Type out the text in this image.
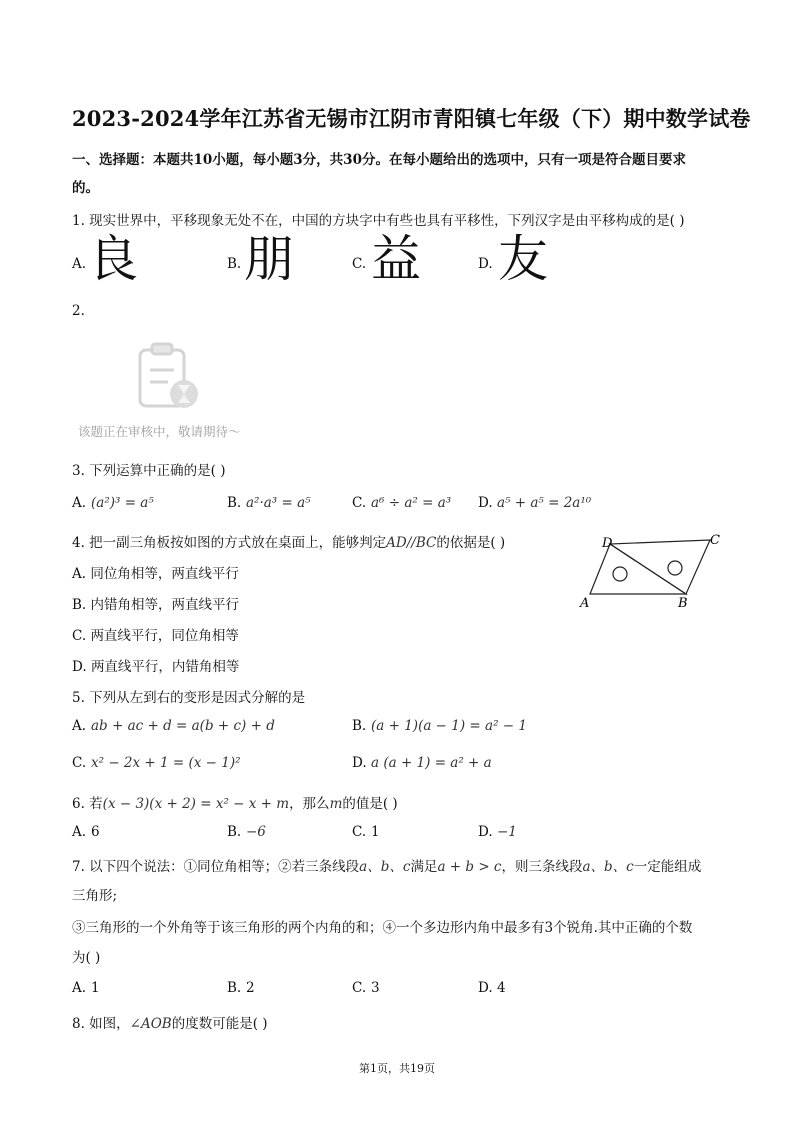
2023-2024学年江苏省无锡市江阴市青阳镇七年级（下）期中数学试卷
一、选择题：本题共10小题，每小题3分，共30分。在每小题给出的选项中，只有一项是符合题目要求
的。
1. 现实世界中，平移现象无处不在，中国的方块字中有些也具有平移性，下列汉字是由平移构成的是( )
A. 良	B. 朋	C. 益	D. 友
2.
该题正在审核中，敬请期待～
3. 下列运算中正确的是( )
A. (a²)³ = a⁵	B. a²·a³ = a⁵	C. a⁶ ÷ a² = a³ D. a⁵ + a⁵ = 2a¹⁰
4. 把一副三角板按如图的方式放在桌面上，能够判定AD//BC的依据是( )
A. 同位角相等，两直线平行
B. 内错角相等，两直线平行
C. 两直线平行，同位角相等
D. 两直线平行，内错角相等
A
D
B
C
5. 下列从左到右的变形是因式分解的是
A. ab + ac + d = a(b + c) + d	B. (a + 1)(a − 1) = a² − 1
C. x² − 2x + 1 = (x − 1)²	D. a (a + 1) = a² + a
6. 若(x − 3)(x + 2) = x² − x + m，那么m的值是( )
A. 6	B. −6	C. 1	D. −1
7. 以下四个说法：①同位角相等；②若三条线段a、b、c满足a + b > c，则三条线段a、b、c一定能组成
三角形;
③三角形的一个外角等于该三角形的两个内角的和；④一个多边形内角中最多有3个锐角.其中正确的个数
为( )
A. 1	B. 2	C. 3	D. 4
8. 如图，∠AOB的度数可能是( )
第1页，共19页
